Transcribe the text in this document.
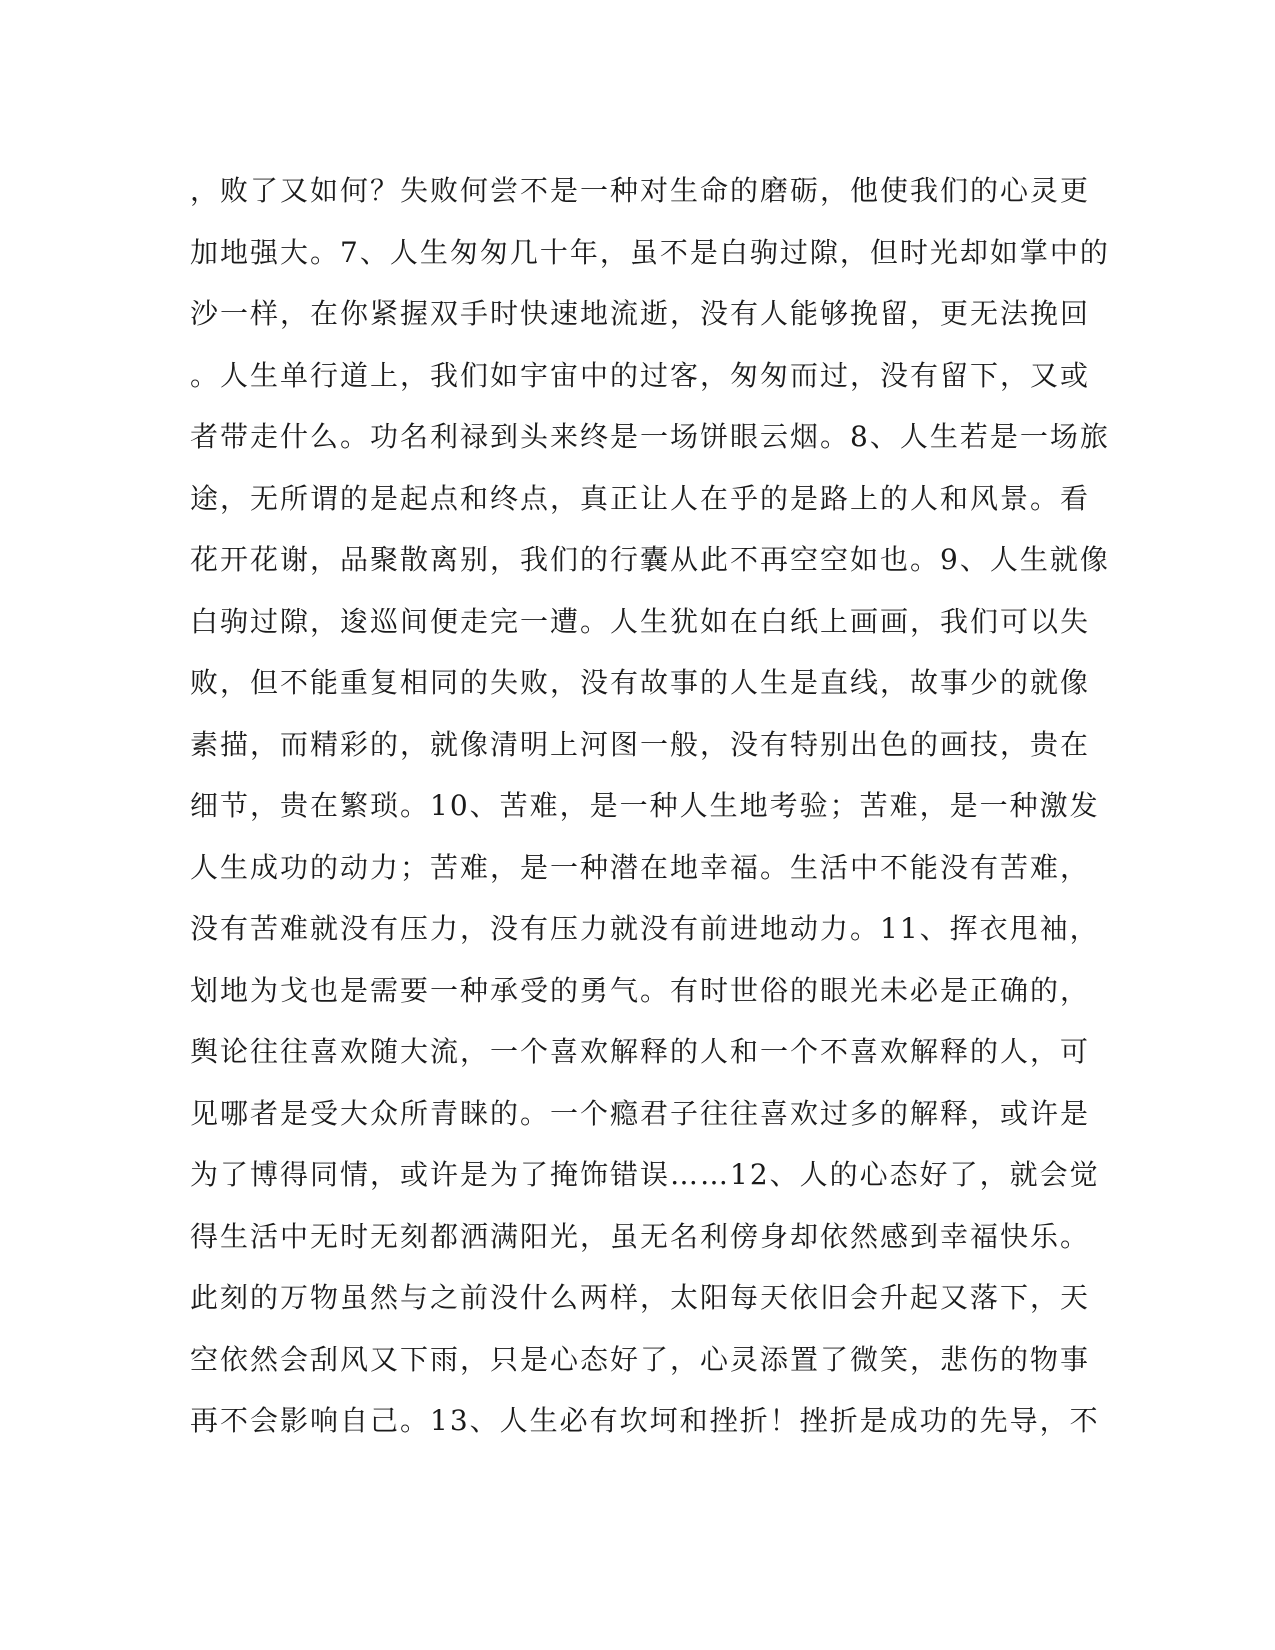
，败了又如何？失败何尝不是一种对生命的磨砺，他使我们的心灵更
加地强大。7、人生匆匆几十年，虽不是白驹过隙，但时光却如掌中的
沙一样，在你紧握双手时快速地流逝，没有人能够挽留，更无法挽回
。人生单行道上，我们如宇宙中的过客，匆匆而过，没有留下，又或
者带走什么。功名利禄到头来终是一场饼眼云烟。8、人生若是一场旅
途，无所谓的是起点和终点，真正让人在乎的是路上的人和风景。看
花开花谢，品聚散离别，我们的行囊从此不再空空如也。9、人生就像
白驹过隙，逡巡间便走完一遭。人生犹如在白纸上画画，我们可以失
败，但不能重复相同的失败，没有故事的人生是直线，故事少的就像
素描，而精彩的，就像清明上河图一般，没有特别出色的画技，贵在
细节，贵在繁琐。10、苦难，是一种人生地考验；苦难，是一种激发
人生成功的动力；苦难，是一种潜在地幸福。生活中不能没有苦难，
没有苦难就没有压力，没有压力就没有前进地动力。11、挥衣甩袖，
划地为戈也是需要一种承受的勇气。有时世俗的眼光未必是正确的，
舆论往往喜欢随大流，一个喜欢解释的人和一个不喜欢解释的人，可
见哪者是受大众所青睐的。一个瘾君子往往喜欢过多的解释，或许是
为了博得同情，或许是为了掩饰错误……12、人的心态好了，就会觉
得生活中无时无刻都洒满阳光，虽无名利傍身却依然感到幸福快乐。
此刻的万物虽然与之前没什么两样，太阳每天依旧会升起又落下，天
空依然会刮风又下雨，只是心态好了，心灵添置了微笑，悲伤的物事
再不会影响自己。13、人生必有坎坷和挫折！挫折是成功的先导，不
